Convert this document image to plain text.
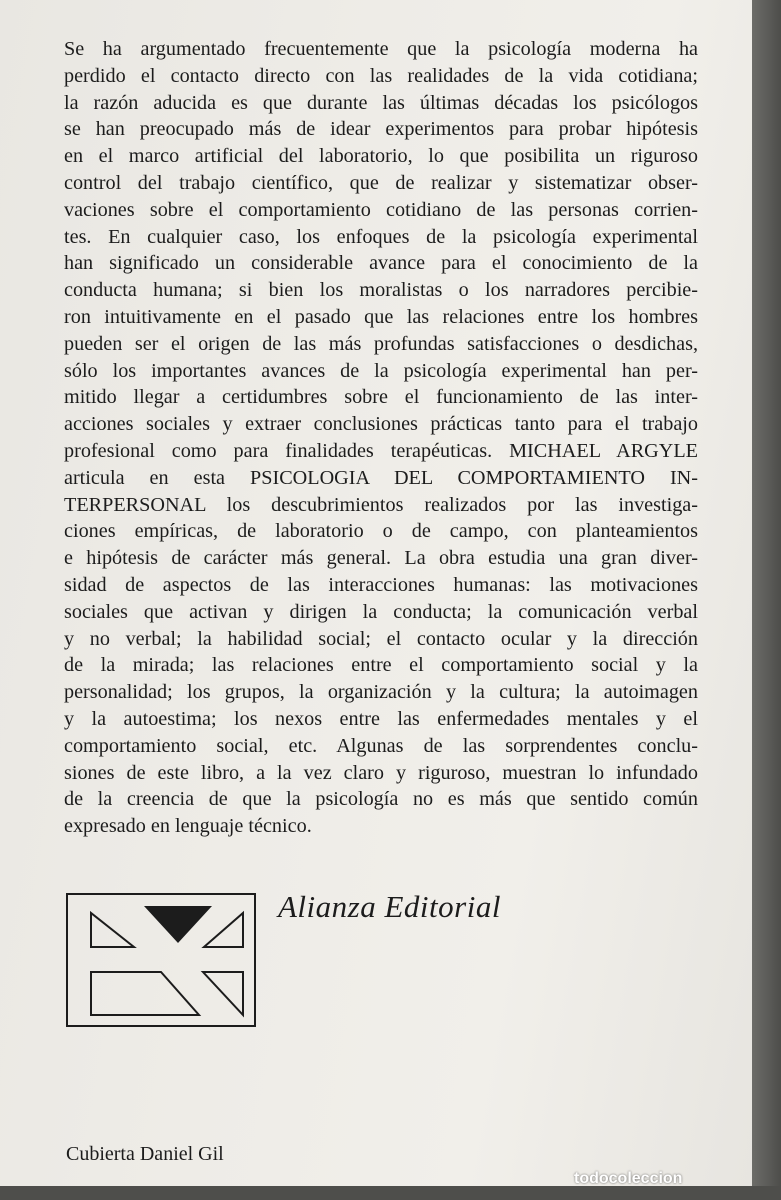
Se ha argumentado frecuentemente que la psicología moderna ha
perdido el contacto directo con las realidades de la vida cotidiana;
la razón aducida es que durante las últimas décadas los psicólogos
se han preocupado más de idear experimentos para probar hipótesis
en el marco artificial del laboratorio, lo que posibilita un riguroso
control del trabajo científico, que de realizar y sistematizar obser-
vaciones sobre el comportamiento cotidiano de las personas corrien-
tes. En cualquier caso, los enfoques de la psicología experimental
han significado un considerable avance para el conocimiento de la
conducta humana; si bien los moralistas o los narradores percibie-
ron intuitivamente en el pasado que las relaciones entre los hombres
pueden ser el origen de las más profundas satisfacciones o desdichas,
sólo los importantes avances de la psicología experimental han per-
mitido llegar a certidumbres sobre el funcionamiento de las inter-
acciones sociales y extraer conclusiones prácticas tanto para el trabajo
profesional como para finalidades terapéuticas. MICHAEL ARGYLE
articula en esta PSICOLOGIA DEL COMPORTAMIENTO IN-
TERPERSONAL los descubrimientos realizados por las investiga-
ciones empíricas, de laboratorio o de campo, con planteamientos
e hipótesis de carácter más general. La obra estudia una gran diver-
sidad de aspectos de las interacciones humanas: las motivaciones
sociales que activan y dirigen la conducta; la comunicación verbal
y no verbal; la habilidad social; el contacto ocular y la dirección
de la mirada; las relaciones entre el comportamiento social y la
personalidad; los grupos, la organización y la cultura; la autoimagen
y la autoestima; los nexos entre las enfermedades mentales y el
comportamiento social, etc. Algunas de las sorprendentes conclu-
siones de este libro, a la vez claro y riguroso, muestran lo infundado
de la creencia de que la psicología no es más que sentido común
expresado en lenguaje técnico.
Alianza Editorial
Cubierta Daniel Gil
todocoleccion
